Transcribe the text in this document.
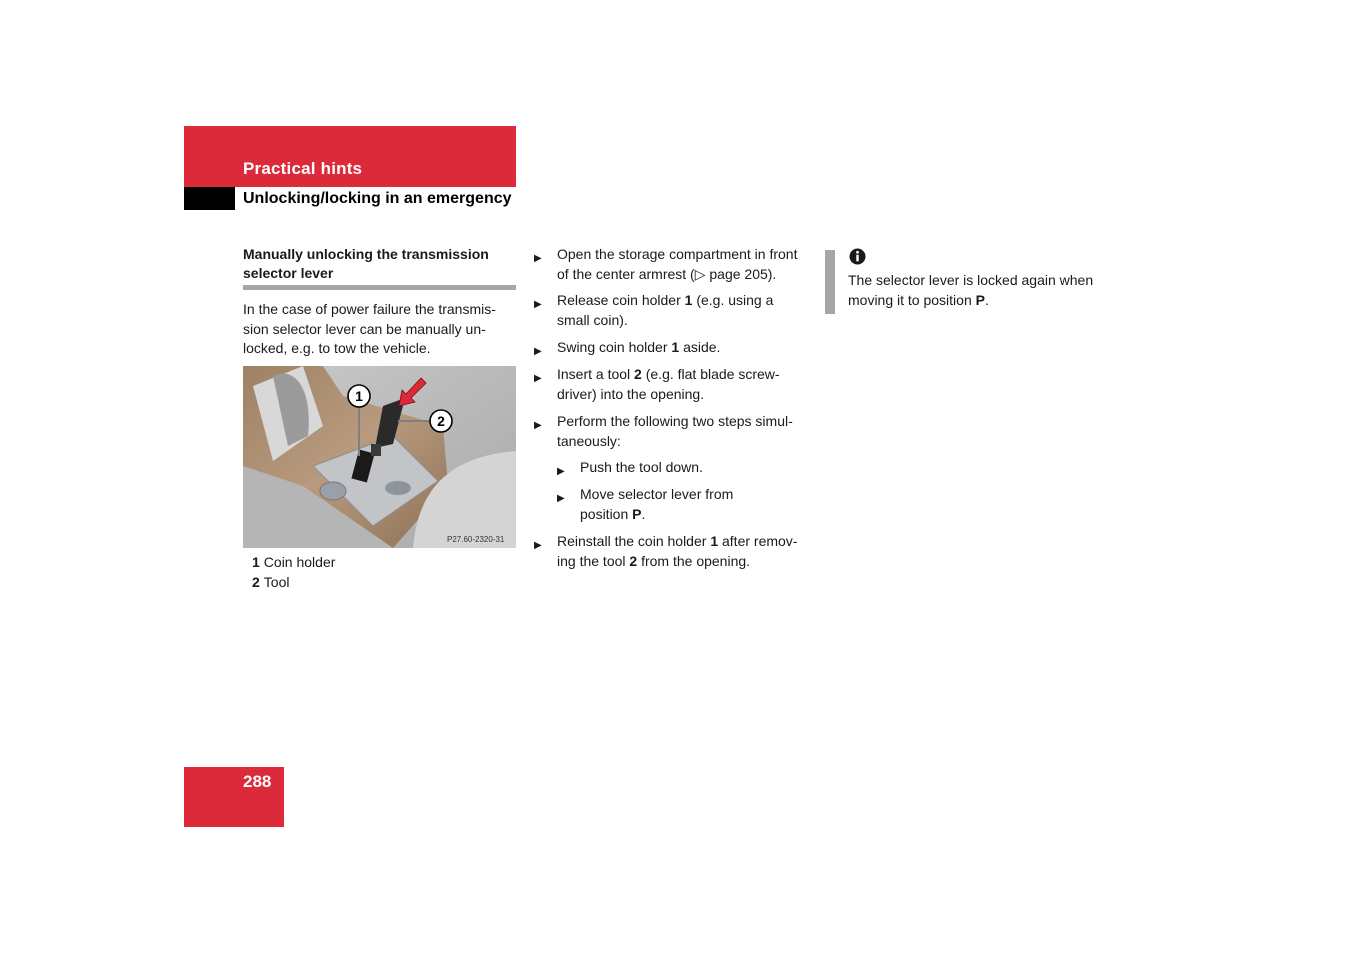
Practical hints
Unlocking/locking in an emergency
Manually unlocking the transmission
selector lever
In the case of power failure the transmis-
sion selector lever can be manually un-
locked, e.g. to tow the vehicle.
1
2
P27.60-2320-31
1 Coin holder
2 Tool
▶ Open the storage compartment in front
of the center armrest (▷ page 205).
▶ Release coin holder 1 (e.g. using a
small coin).
▶ Swing coin holder 1 aside.
▶ Insert a tool 2 (e.g. flat blade screw-
driver) into the opening.
▶ Perform the following two steps simul-
taneously:
▶ Push the tool down.
▶ Move selector lever from
position P.
▶ Reinstall the coin holder 1 after remov-
ing the tool 2 from the opening.
The selector lever is locked again when
moving it to position P.
288
